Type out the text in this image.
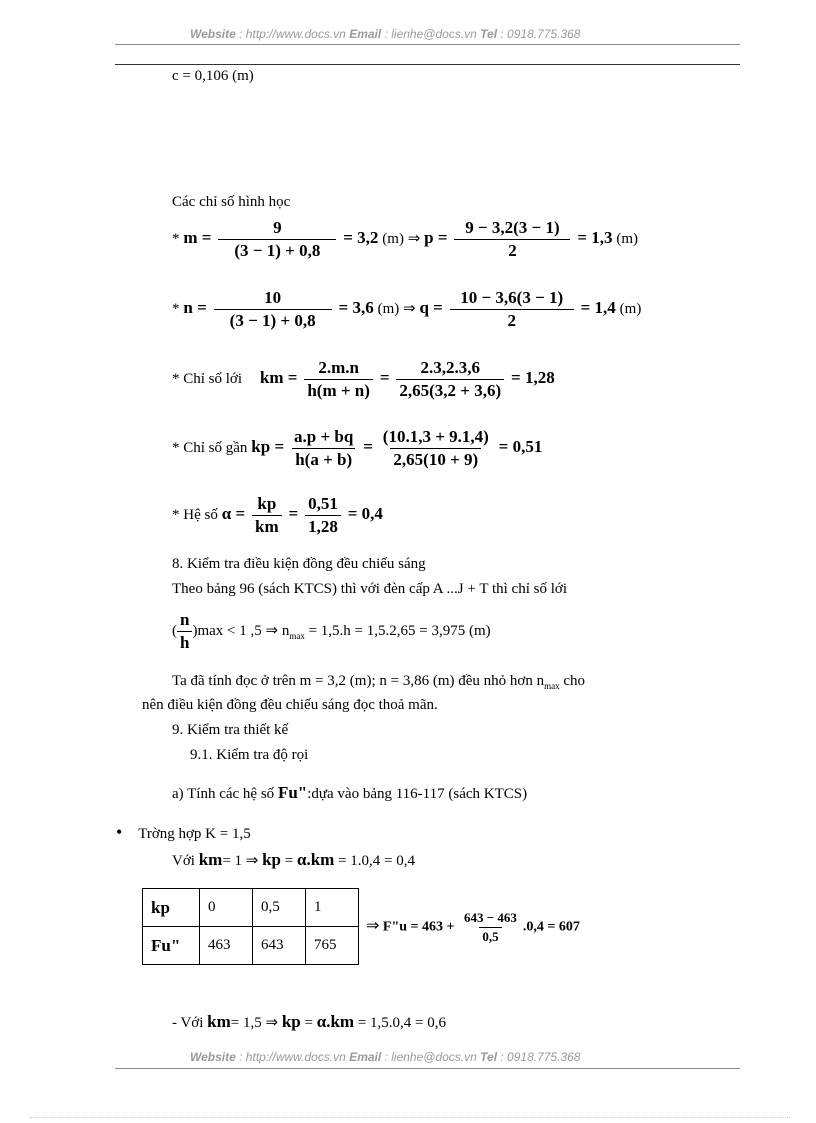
Website : http://www.docs.vn Email : lienhe@docs.vn Tel : 0918.775.368
c = 0,106 (m)
Các chỉ số hình học
* $m = \frac{9}{(3 - 1) + 0,8} = 3,2$ (m) ⇒ $p = \frac{9 - 3,2(3 - 1)}{2} = 1,3$ (m)
* $n = \frac{10}{(3 - 1) + 0,8} = 3,6$ (m) ⇒ $q = \frac{10 - 3,6(3 - 1)}{2} = 1,4$ (m)
* Chỉ số lới km = $\frac{2.m.n}{h(m + n)} = \frac{2.3,2.3,6}{2,65(3,2 + 3,6)} = 1,28$
* Chỉ số gần kp = $\frac{a.p + bq}{h(a + b)} = \frac{(10.1,3 + 9.1,4)}{2,65(10 + 9)} = 0,51$
* Hệ số $\alpha = \frac{kp}{km} = \frac{0,51}{1,28} = 0,4$
8. Kiểm tra điều kiện đồng đều chiếu sáng
Theo bảng 96 (sách KTCS) thì với đèn cấp A ...J + T thì chỉ số lới
( $\frac{n}{h} )\max < 1$ ,5 ⇒ $n_{max} = 1,5.h = 1,5.2,65 = 3,975$ (m)
Ta đã tính đọc ở trên m = 3,2 (m); n = 3,86 (m) đều nhỏ hơn $n_{max}$ cho
nên điều kiện đồng đều chiếu sáng đọc thoả mãn.
9. Kiểm tra thiết kế
9.1. Kiểm tra độ rọi
a) Tính các hệ số Fu":dựa vào bảng 116-117 (sách KTCS)
• Trờng hợp K = 1,5
Với km= 1 ⇒ kp = α.km = 1.0,4 = 0,4
kp	0	0,5	1
Fu"	463	643	765
⇒ F"u = $463 + \frac{643 - 463}{0,5} .0,4 = 607$
- Với km= 1,5 ⇒ kp = α.km = 1,5.0,4 = 0,6
Website : http://www.docs.vn Email : lienhe@docs.vn Tel : 0918.775.368
